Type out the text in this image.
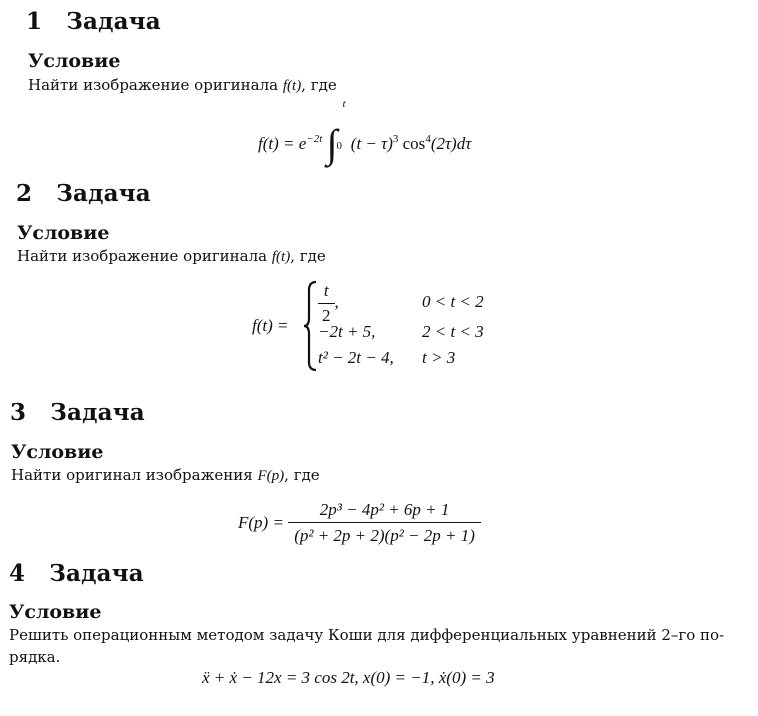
1 Задача
Условие
Найти изображение оригинала f(t), где
$f(t) = e^{-2t}$ ∫
t
0 $(t - \tau)^3$ $\cos^4(2\tau)d\tau$
2 Задача
Условие
Найти изображение оригинала f(t), где
$f(t) = \frac{t}{2}$ ,	0 < t < 2
−2t + 5,	2 < t < 3
t² − 2t − 4, t > 3
3 Задача
Условие
Найти оригинал изображения F(p), где
$F(p) = \frac{\text{2p³ − 4p² + 6p + 1}}{\text{(p² + 2p + 2)(p² − 2p + 1)}}$
4 Задача
Условие
Решить операционным методом задачу Коши для дифференциальных уравнений 2–го по-
рядка.
ẍ + ẋ − 12x = 3 cos 2t, x(0) = −1, ẋ(0) = 3
